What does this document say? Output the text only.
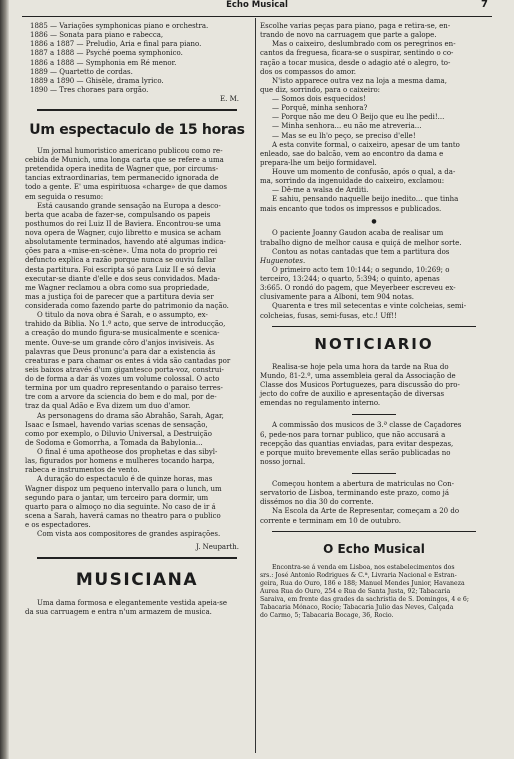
Echo Musical	7
1885 — Variações symphonicas piano e orchestra.
1886 — Sonata para piano e rabecca,
1886 a 1887 — Preludio, Aria e final para piano.
1887 a 1888 — Psyché poema symphonico.
1886 a 1888 — Symphonia em Ré menor.
1889 — Quartetto de cordas.
1889 a 1890 — Ghisèle, drama lyrico.
1890 — Tres choraes para orgão.
E. M.
Um espectaculo de 15 horas

Um jornal humoristico americano publicou como re-

cebida de Munich, uma longa carta que se refere a uma

pretendida opera inedita de Wagner que, por circums-

tancias extraordinarias, tem permanecido ignorada de

todo a gente. E' uma espirituosa «charge» de que damos

em seguida o resumo:

Está causando grande sensação na Europa a desco-

berta que acaba de fazer-se, compulsando os papeis

posthumos do rei Luiz II de Baviera. Encontrou-se uma

nova opera de Wagner, cujo libretto e musica se acham

absolutamente terminados, havendo até algumas indica-

ções para a «mise-en-scène». Uma nota do proprio rei

defuncto explica a razão porque nunca se ouviu fallar

desta partitura. Foi escripta só para Luiz II e só devia

executar-se diante d'elle e dos seus convidados. Mada-

me Wagner reclamou a obra como sua propriedade,

mas a justiça foi de parecer que a partitura devia ser

considerada como fazendo parte do patrimonio da nação.

O titulo da nova obra é Sarah, e o assumpto, ex-

trahido da Biblia. No 1.º acto, que serve de introducção,

a creação do mundo figura-se musicalmente e scenica-

mente. Ouve-se um grande côro d'anjos invisiveis. As

palavras que Deus pronunc'a para dar a existencia ás

creaturas e para chamar os entes á vida são cantadas por

seis baixos através d'um gigantesco porta-voz, construi-

do de forma a dar ás vozes um volume colossal. O acto

termina por um quadro representando o paraiso terres-

tre com a arvore da sciencia do bem e do mal, por de-

traz da qual Adão e Eva dizem um duo d'amor.

As personagens do drama são Abrahão, Sarah, Agar,

Isaac e Ismael, havendo varias scenas de sensação,

como por exemplo, o Diluvio Universal, a Destruição

de Sodoma e Gomorrha, a Tomada da Babylonia...

O final é uma apotheose dos prophetas e das sibyl-

las, figurados por homens e mulheres tocando harpa,

rabeca e instrumentos de vento.

A duração do espectaculo é de quinze horas, mas

Wagner dispoz um pequeno intervallo para o lunch, um

segundo para o jantar, um terceiro para dormir, um

quarto para o almoço no dia seguinte. No caso de ir á

scena a Sarah, haverá camas no theatro para o publico

e os espectadores.

Com vista aos compositores de grandes aspirações.

J. Neuparth.
MUSICIANA

Uma dama formosa e elegantemente vestida apeia-se

da sua carruagem e entra n'um armazem de musica.

Escolhe varias peças para piano, paga e retira-se, en-

trando de novo na carruagem que parte a galope.

Mas o caixeiro, deslumbrado com os peregrinos en-

cantos da freguesa, ficara-se o suspirar, sentindo o co-

ração a tocar musica, desde o adagio até o alegro, to-

dos os compassos do amor.

N'isto apparece outra vez na loja a mesma dama,

que diz, sorrindo, para o caixeiro:

— Somos dois esquecidos!

— Porquê, minha senhora?

— Porque não me deu O Beijo que eu lhe pedi!...

— Minha senhora... eu não me atreveria...

— Mas se eu lh'o peço, se preciso d'elle!

A esta convite formal, o caixeiro, apesar de um tanto

enleado, sae do balcão, vem ao encontro da dama e

prepara-lhe um beijo formidavel.

Houve um momento de confusão, após o qual, a da-

ma, sorrindo da ingenuidade do caixeiro, exclamou:

— Dê-me a walsa de Arditi.

E sahiu, pensando naquelle beijo inedito... que tinha

mais encanto que todos os impressos e publicados.

●

O paciente Joanny Gaudon acaba de realisar um

trabalho digno de melhor causa e quiçá de melhor sorte.

Contou as notas cantadas que tem a partitura dos

Huguenotes.

O primeiro acto tem 10:144; o segundo, 10:269; o

terceiro, 13:244; o quarto, 5:394; o quinto, apenas

3:665. O rondó do pagem, que Meyerbeer escreveu ex-

clusivamente para a Alboni, tem 904 notas.

Quarenta e tres mil setecentas e vinte colcheias, semi-

colcheias, fusas, semi-fusas, etc.! Uff!!

NOTICIARIO

Realisa-se hoje pela uma hora da tarde na Rua do

Mundo, 81-2.º, uma assembleia geral da Associação de

Classe dos Musicos Portuguezes, para discussão do pro-

jecto do cofre de auxilio e apresentação de diversas

emendas no regulamento interno.

A commissão dos musicos de 3.ª classe de Caçadores

6, pede-nos para tornar publico, que não accusará a

recepção das quantias enviadas, para evitar despezas,

e porque muito brevemente ellas serão publicadas no

nosso jornal.

Começou hontem a abertura de matriculas no Con-

servatorio de Lisboa, terminando este prazo, como já

dissémos no dia 30 do corrente.

Na Escola da Arte de Representar, começam a 20 do

corrente e terminam em 10 de outubro.

O Echo Musical

Encontra-se á venda em Lisboa, nos estabelecimentos dos

srs.: José Antonio Rodrigues & C.ª, Livraria Nacional e Estran-

geira, Rua do Ouro, 186 e 188; Manuel Mendes Junior, Havaneza

Aurea Rua do Ouro, 254 e Rua de Santa Justa, 92; Tabacaria

Saraiva, em frente das grades da sachristia de S. Domingos, 4 e 6;

Tabacaria Mónaco, Rocio; Tabacaria Julio das Neves, Calçada

do Carmo, 5; Tabacaria Bocage, 36, Rocio.
